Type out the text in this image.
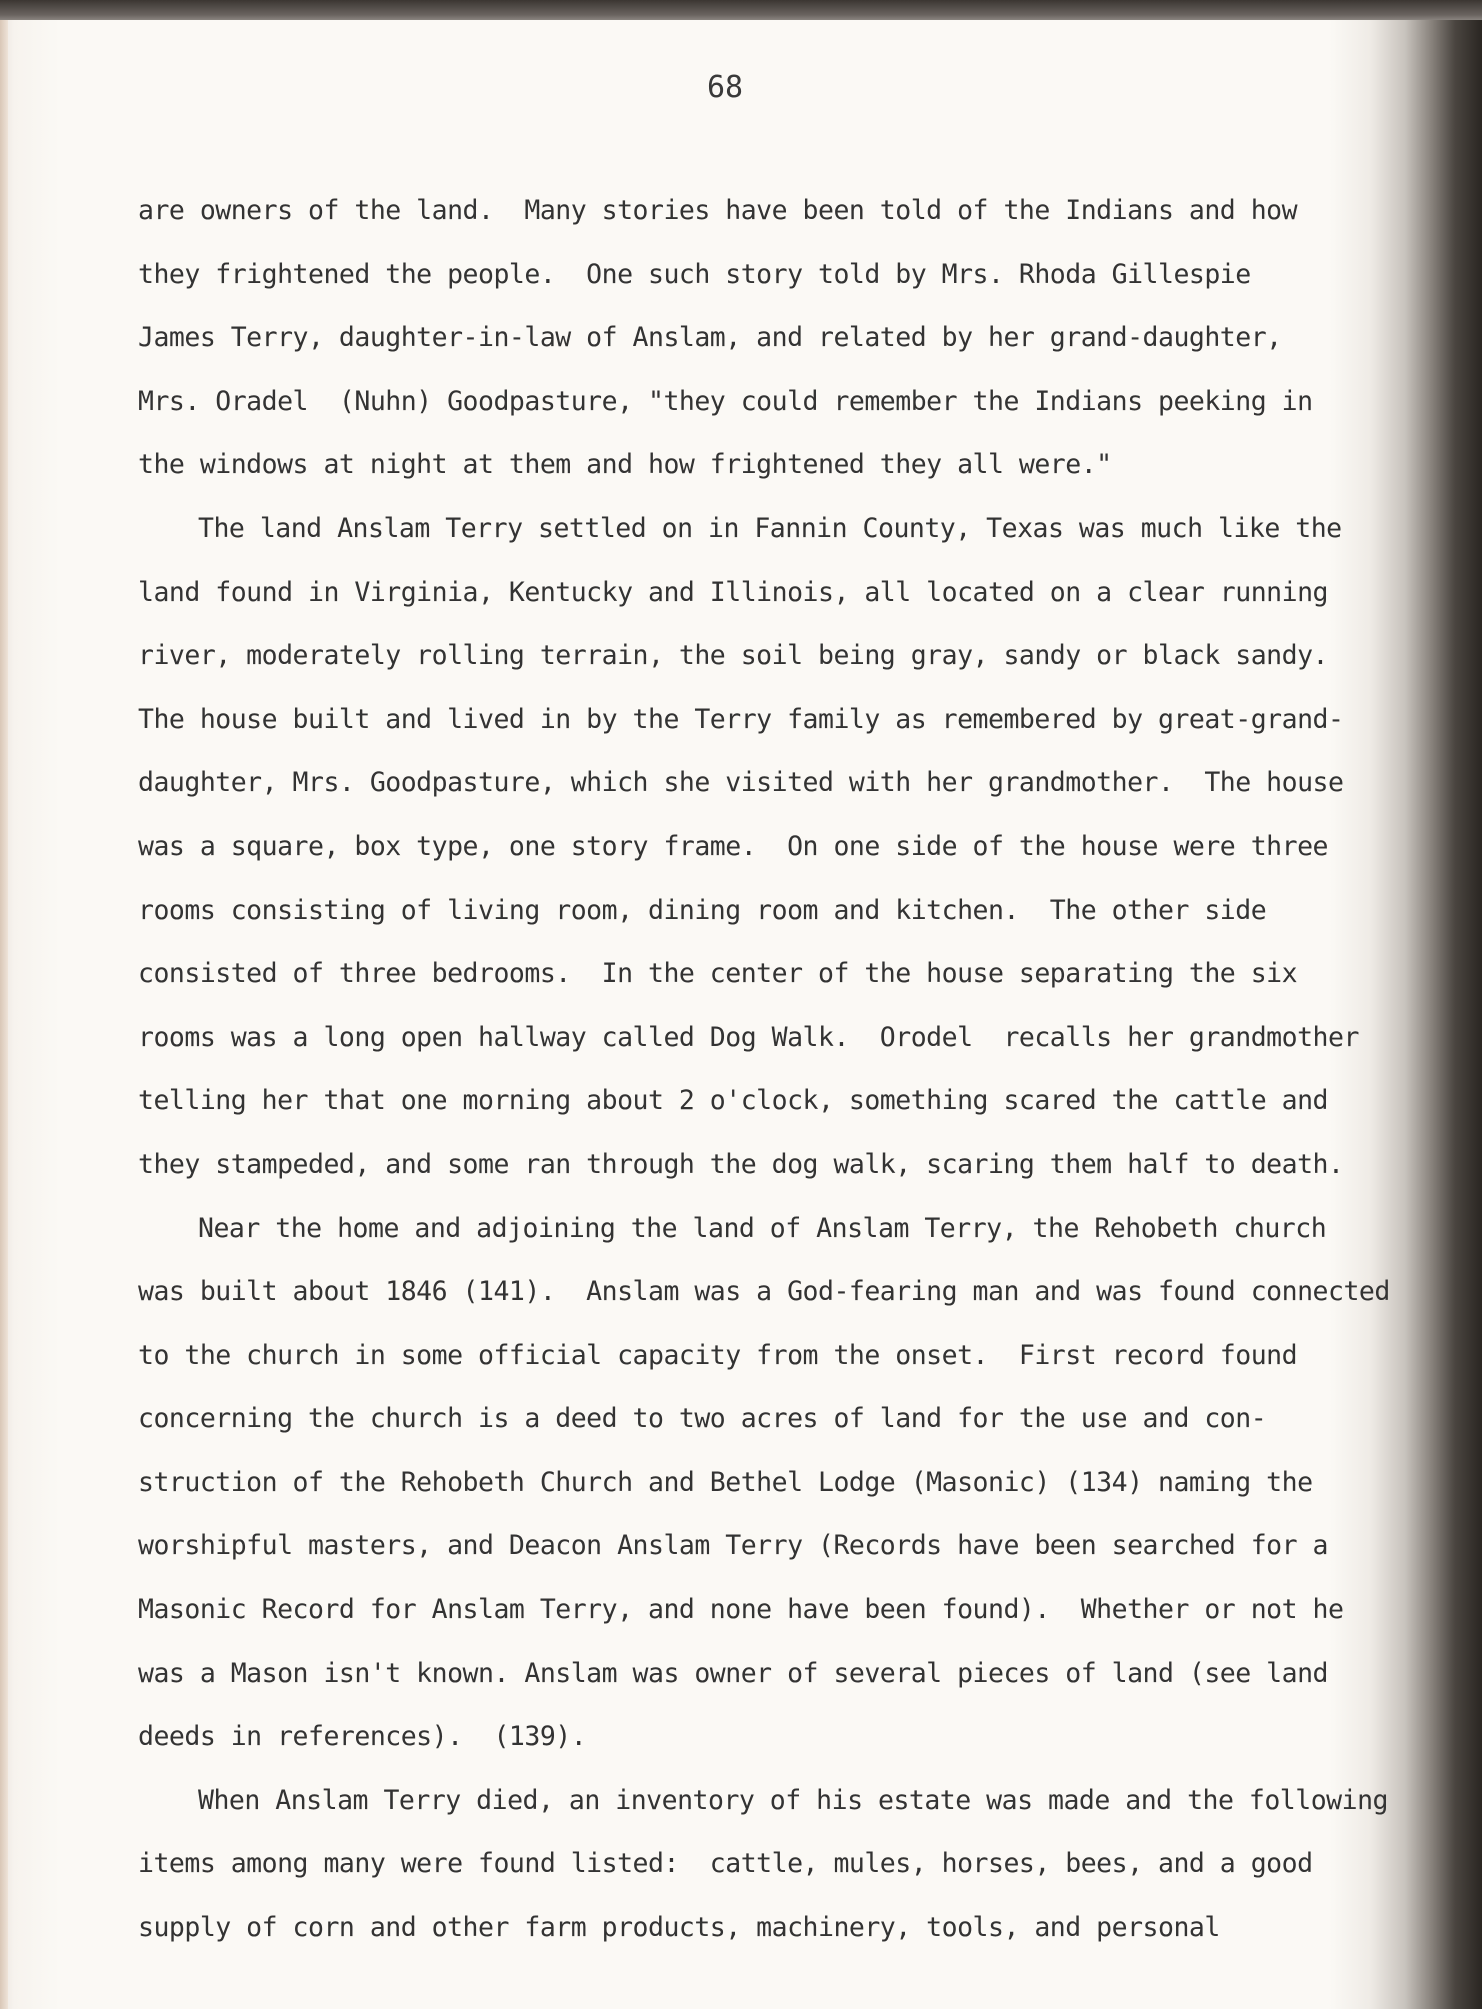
68
are owners of the land.  Many stories have been told of the Indians and how
they frightened the people.  One such story told by Mrs. Rhoda Gillespie
James Terry, daughter-in-law of Anslam, and related by her grand-daughter,
Mrs. Oradel  (Nuhn) Goodpasture, "they could remember the Indians peeking in
the windows at night at them and how frightened they all were."
The land Anslam Terry settled on in Fannin County, Texas was much like the
land found in Virginia, Kentucky and Illinois, all located on a clear running
river, moderately rolling terrain, the soil being gray, sandy or black sandy.
The house built and lived in by the Terry family as remembered by great-grand-
daughter, Mrs. Goodpasture, which she visited with her grandmother.  The house
was a square, box type, one story frame.  On one side of the house were three
rooms consisting of living room, dining room and kitchen.  The other side
consisted of three bedrooms.  In the center of the house separating the six
rooms was a long open hallway called Dog Walk.  Orodel  recalls her grandmother
telling her that one morning about 2 o'clock, something scared the cattle and
they stampeded, and some ran through the dog walk, scaring them half to death.
Near the home and adjoining the land of Anslam Terry, the Rehobeth church
was built about 1846 (141).  Anslam was a God-fearing man and was found connected
to the church in some official capacity from the onset.  First record found
concerning the church is a deed to two acres of land for the use and con-
struction of the Rehobeth Church and Bethel Lodge (Masonic) (134) naming the
worshipful masters, and Deacon Anslam Terry (Records have been searched for a
Masonic Record for Anslam Terry, and none have been found).  Whether or not he
was a Mason isn't known. Anslam was owner of several pieces of land (see land
deeds in references).  (139).
When Anslam Terry died, an inventory of his estate was made and the following
items among many were found listed:  cattle, mules, horses, bees, and a good
supply of corn and other farm products, machinery, tools, and personal
